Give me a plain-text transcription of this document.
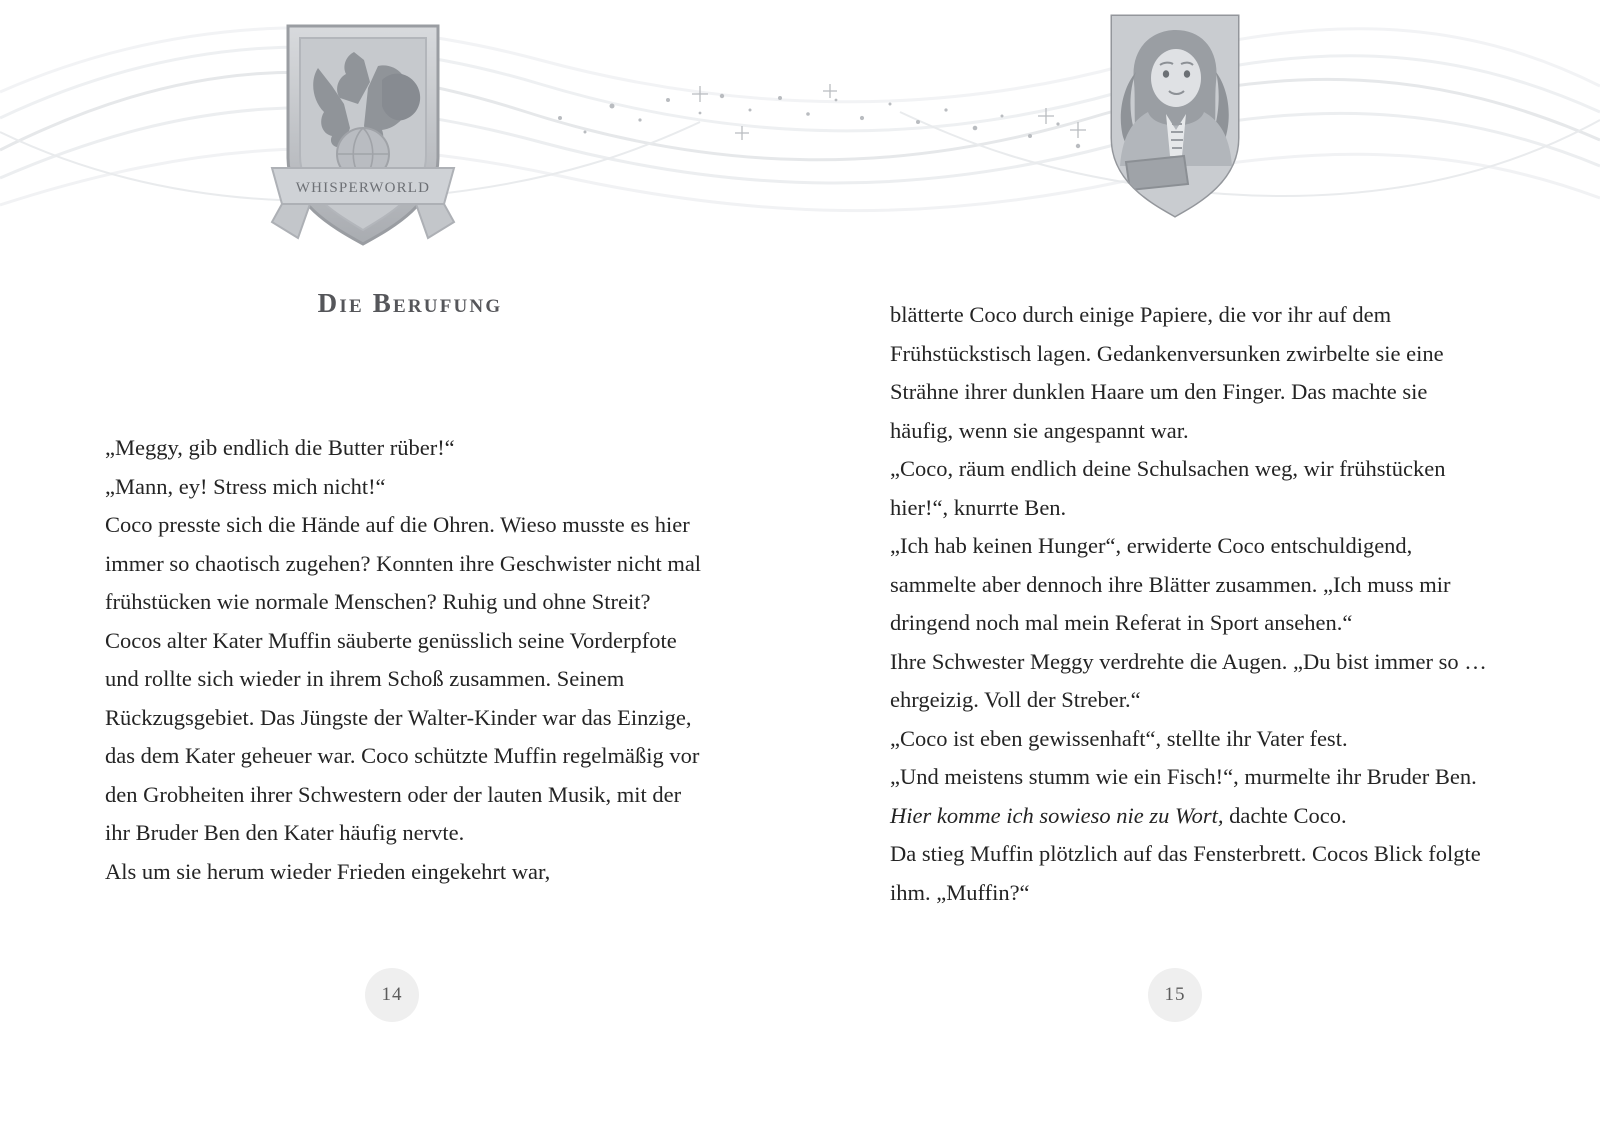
WHISPERWORLD
Die Berufung

„Meggy, gib endlich die Butter rüber!“

„Mann, ey! Stress mich nicht!“

Coco presste sich die Hände auf die Ohren. Wieso musste es hier immer so chaotisch zugehen? Konnten ihre Geschwister nicht mal frühstücken wie normale Menschen? Ruhig und ohne Streit?

Cocos alter Kater Muffin säuberte genüsslich seine Vorderpfote und rollte sich wieder in ihrem Schoß zusammen. Seinem Rückzugsgebiet. Das Jüngste der Walter-Kinder war das Einzige, das dem Kater geheuer war. Coco schützte Muffin regelmäßig vor den Grobheiten ihrer Schwestern oder der lauten Musik, mit der ihr Bruder Ben den Kater häufig nervte.

Als um sie herum wieder Frieden eingekehrt war,

14

blätterte Coco durch einige Papiere, die vor ihr auf dem Frühstückstisch lagen. Gedankenversunken zwirbelte sie eine Strähne ihrer dunklen Haare um den Finger. Das machte sie häufig, wenn sie angespannt war.

„Coco, räum endlich deine Schulsachen weg, wir frühstücken hier!“, knurrte Ben.

„Ich hab keinen Hunger“, erwiderte Coco entschuldigend, sammelte aber dennoch ihre Blätter zusammen. „Ich muss mir dringend noch mal mein Referat in Sport ansehen.“

Ihre Schwester Meggy verdrehte die Augen. „Du bist immer so … ehrgeizig. Voll der Streber.“

„Coco ist eben gewissenhaft“, stellte ihr Vater fest.

„Und meistens stumm wie ein Fisch!“, murmelte ihr Bruder Ben.

Hier komme ich sowieso nie zu Wort, dachte Coco.

Da stieg Muffin plötzlich auf das Fensterbrett. Cocos Blick folgte ihm. „Muffin?“

15
